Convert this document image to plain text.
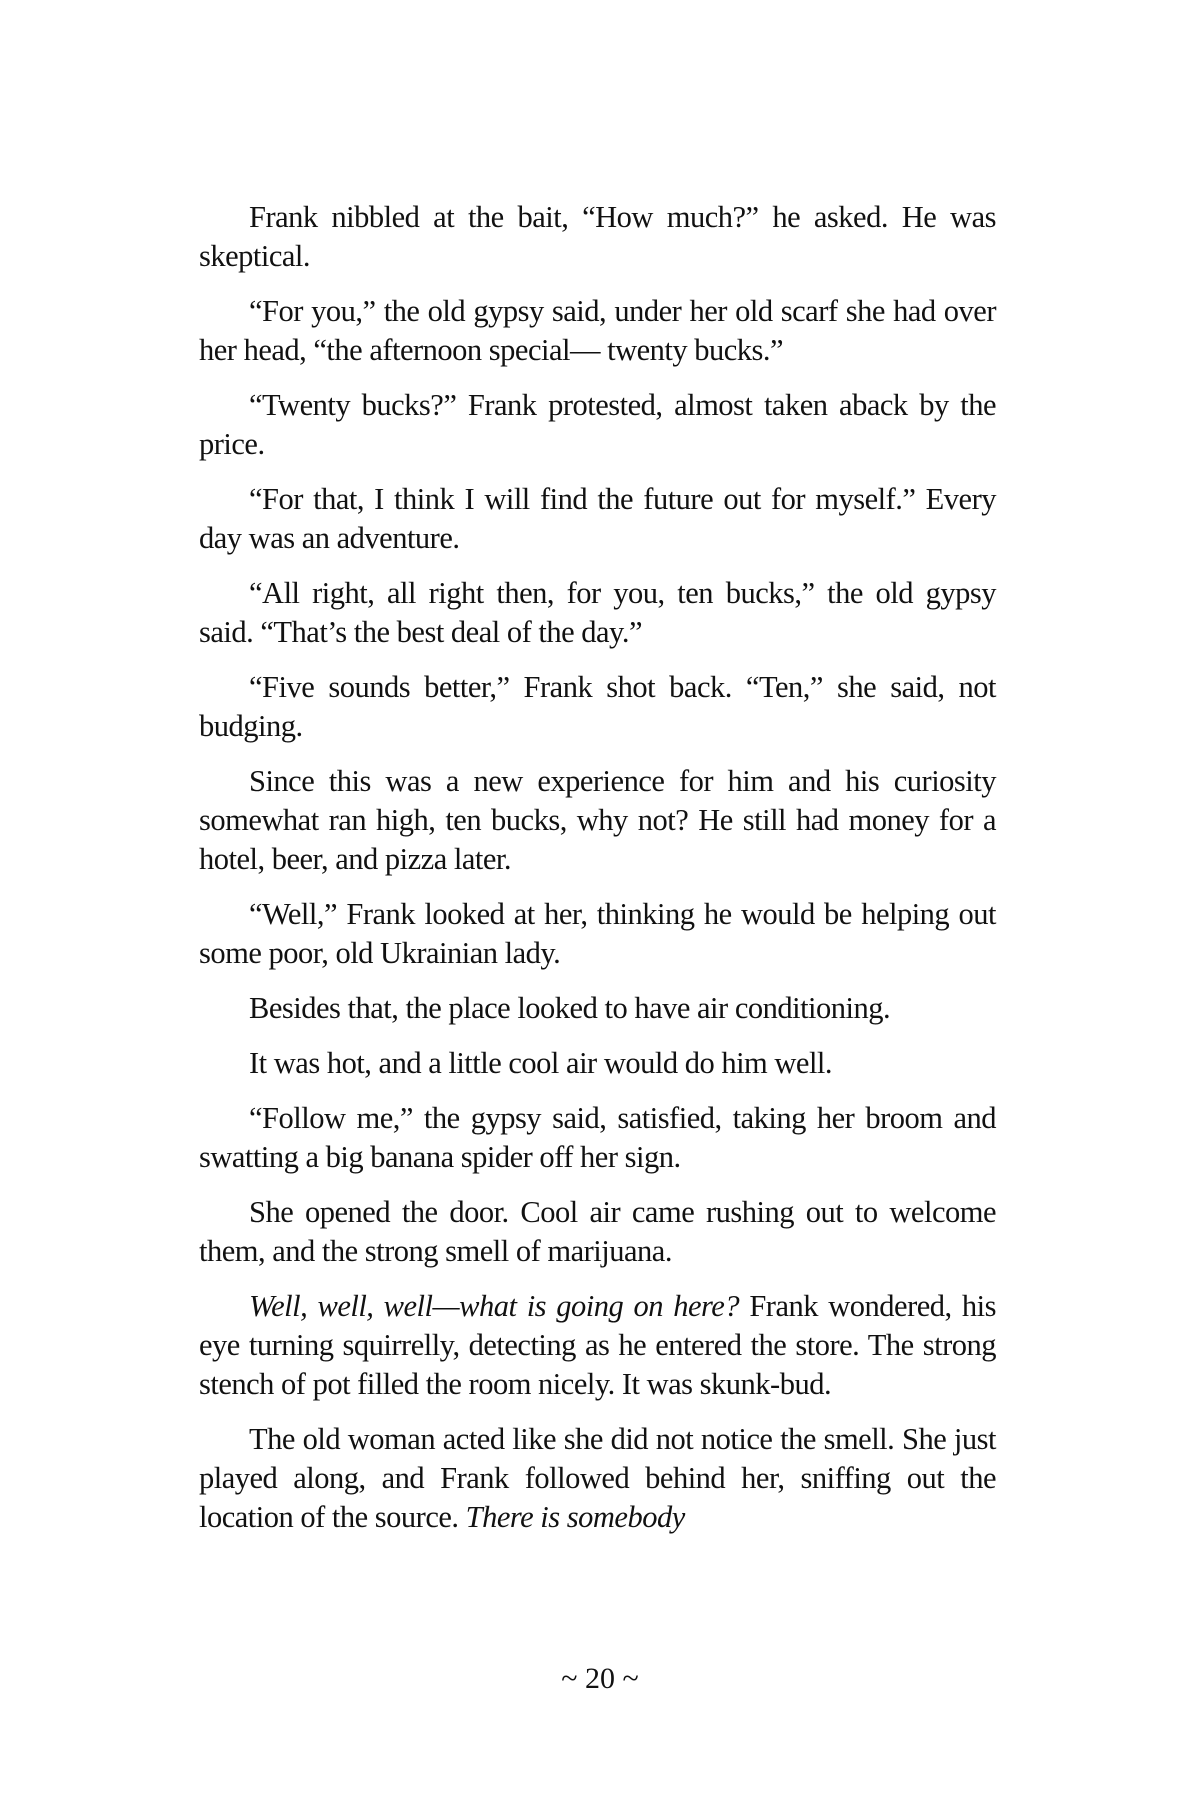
Frank nibbled at the bait, “How much?” he asked. He was skeptical.

“For you,” the old gypsy said, under her old scarf she had over her head, “the afternoon special— twenty bucks.”

“Twenty bucks?” Frank protested, almost taken aback by the price.

“For that, I think I will find the future out for myself.” Every day was an adventure.

“All right, all right then, for you, ten bucks,” the old gypsy said. “That’s the best deal of the day.”

“Five sounds better,” Frank shot back. “Ten,” she said, not budging.

Since this was a new experience for him and his curiosity somewhat ran high, ten bucks, why not? He still had money for a hotel, beer, and pizza later.

“Well,” Frank looked at her, thinking he would be helping out some poor, old Ukrainian lady.

Besides that, the place looked to have air conditioning.

It was hot, and a little cool air would do him well.

“Follow me,” the gypsy said, satisfied, taking her broom and swatting a big banana spider off her sign.

She opened the door. Cool air came rushing out to welcome them, and the strong smell of marijuana.

Well, well, well—what is going on here? Frank wondered, his eye turning squirrelly, detecting as he entered the store. The strong stench of pot filled the room nicely. It was skunk-bud.

The old woman acted like she did not notice the smell. She just played along, and Frank followed behind her, sniffing out the location of the source. There is somebody

~ 20 ~
